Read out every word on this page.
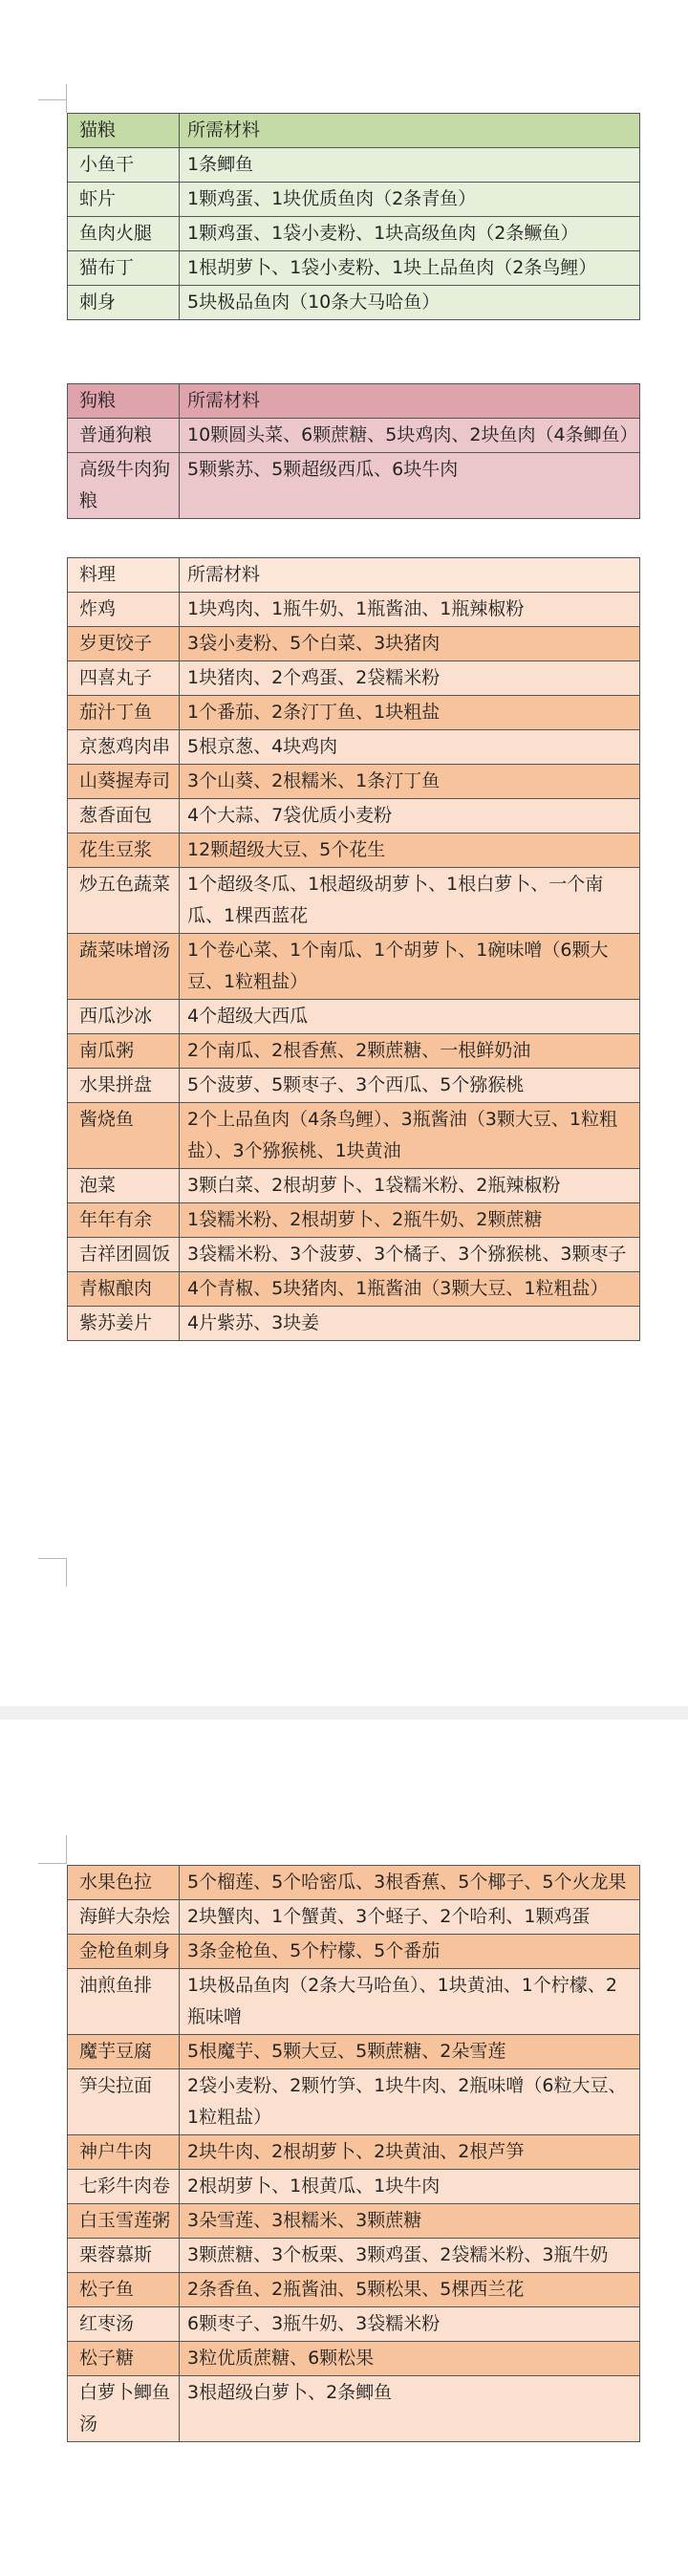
猫粮	所需材料
小鱼干	1条鲫鱼
虾片	1颗鸡蛋、1块优质鱼肉（2条青鱼）
鱼肉火腿	1颗鸡蛋、1袋小麦粉、1块高级鱼肉（2条鳜鱼）
猫布丁	1根胡萝卜、1袋小麦粉、1块上品鱼肉（2条鸟鲤）
刺身	5块极品鱼肉（10条大马哈鱼）
狗粮	所需材料
普通狗粮	10颗圆头菜、6颗蔗糖、5块鸡肉、2块鱼肉（4条鲫鱼）
高级牛肉狗粮	5颗紫苏、5颗超级西瓜、6块牛肉
料理	所需材料
炸鸡	1块鸡肉、1瓶牛奶、1瓶酱油、1瓶辣椒粉
岁更饺子	3袋小麦粉、5个白菜、3块猪肉
四喜丸子	1块猪肉、2个鸡蛋、2袋糯米粉
茄汁丁鱼	1个番茄、2条汀丁鱼、1块粗盐
京葱鸡肉串	5根京葱、4块鸡肉
山葵握寿司	3个山葵、2根糯米、1条汀丁鱼
葱香面包	4个大蒜、7袋优质小麦粉
花生豆浆	12颗超级大豆、5个花生
炒五色蔬菜	1个超级冬瓜、1根超级胡萝卜、1根白萝卜、一个南瓜、1棵西蓝花
蔬菜味增汤	1个卷心菜、1个南瓜、1个胡萝卜、1碗味噌（6颗大豆、1粒粗盐）
西瓜沙冰	4个超级大西瓜
南瓜粥	2个南瓜、2根香蕉、2颗蔗糖、一根鲜奶油
水果拼盘	5个菠萝、5颗枣子、3个西瓜、5个猕猴桃
酱烧鱼	2个上品鱼肉（4条鸟鲤）、3瓶酱油（3颗大豆、1粒粗盐）、3个猕猴桃、1块黄油
泡菜	3颗白菜、2根胡萝卜、1袋糯米粉、2瓶辣椒粉
年年有余	1袋糯米粉、2根胡萝卜、2瓶牛奶、2颗蔗糖
吉祥团圆饭	3袋糯米粉、3个菠萝、3个橘子、3个猕猴桃、3颗枣子
青椒酿肉	4个青椒、5块猪肉、1瓶酱油（3颗大豆、1粒粗盐）
紫苏姜片	4片紫苏、3块姜
水果色拉	5个榴莲、5个哈密瓜、3根香蕉、5个椰子、5个火龙果
海鲜大杂烩	2块蟹肉、1个蟹黄、3个蛏子、2个哈利、1颗鸡蛋
金枪鱼刺身	3条金枪鱼、5个柠檬、5个番茄
油煎鱼排	1块极品鱼肉（2条大马哈鱼）、1块黄油、1个柠檬、2瓶味噌
魔芋豆腐	5根魔芋、5颗大豆、5颗蔗糖、2朵雪莲
笋尖拉面	2袋小麦粉、2颗竹笋、1块牛肉、2瓶味噌（6粒大豆、1粒粗盐）
神户牛肉	2块牛肉、2根胡萝卜、2块黄油、2根芦笋
七彩牛肉卷	2根胡萝卜、1根黄瓜、1块牛肉
白玉雪莲粥	3朵雪莲、3根糯米、3颗蔗糖
栗蓉慕斯	3颗蔗糖、3个板栗、3颗鸡蛋、2袋糯米粉、3瓶牛奶
松子鱼	2条香鱼、2瓶酱油、5颗松果、5棵西兰花
红枣汤	6颗枣子、3瓶牛奶、3袋糯米粉
松子糖	3粒优质蔗糖、6颗松果
白萝卜鲫鱼汤	3根超级白萝卜、2条鲫鱼
